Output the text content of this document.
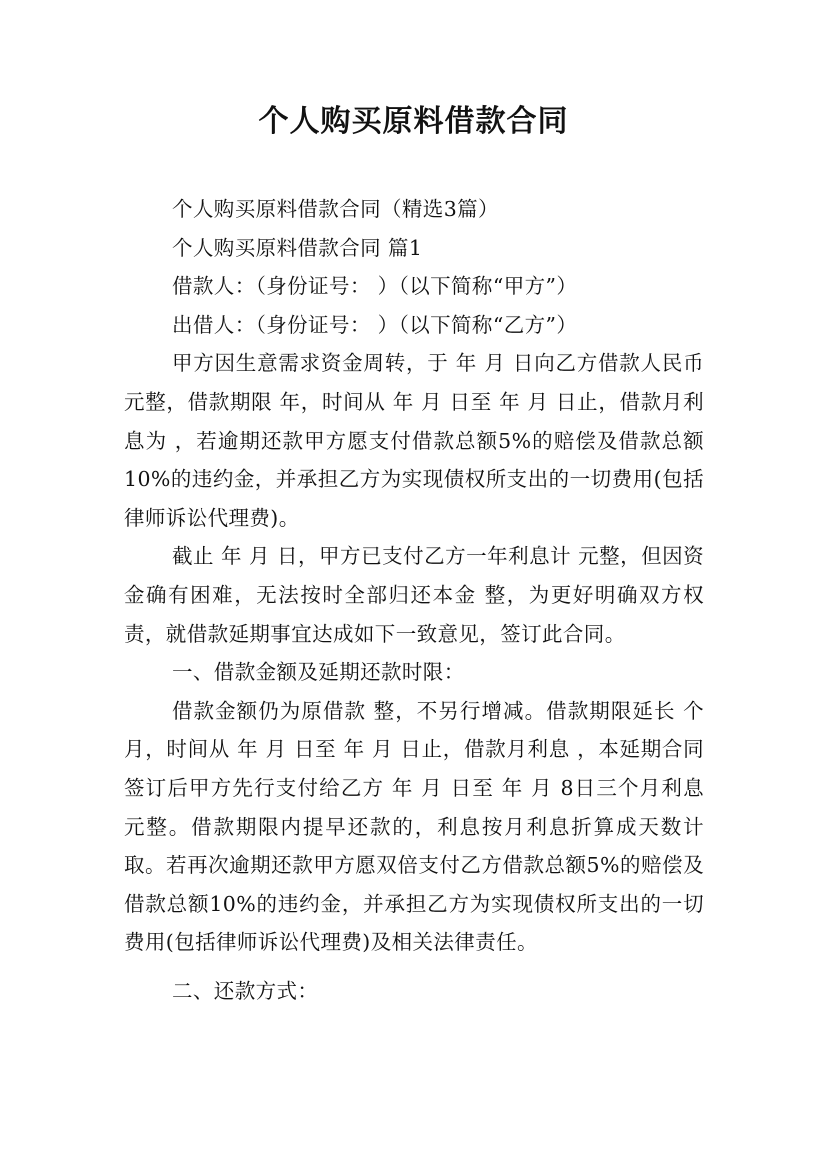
个人购买原料借款合同

个人购买原料借款合同（精选3篇）

个人购买原料借款合同 篇1

借款人：（身份证号： ）（以下简称“甲方”）

出借人：（身份证号： ）（以下简称“乙方”）

甲方因生意需求资金周转，于 年 月 日向乙方借款人民币 元整，借款期限 年，时间从 年 月 日至 年 月 日止，借款月利息为 ，若逾期还款甲方愿支付借款总额5%的赔偿及借款总额10%的违约金，并承担乙方为实现债权所支出的一切费用(包括律师诉讼代理费)。

截止 年 月 日，甲方已支付乙方一年利息计 元整，但因资金确有困难，无法按时全部归还本金 整，为更好明确双方权责，就借款延期事宜达成如下一致意见，签订此合同。

一、借款金额及延期还款时限：

借款金额仍为原借款 整，不另行增减。借款期限延长 个月，时间从 年 月 日至 年 月 日止，借款月利息 ，本延期合同签订后甲方先行支付给乙方 年 月 日至 年 月 8日三个月利息 元整。借款期限内提早还款的，利息按月利息折算成天数计取。若再次逾期还款甲方愿双倍支付乙方借款总额5%的赔偿及借款总额10%的违约金，并承担乙方为实现债权所支出的一切费用(包括律师诉讼代理费)及相关法律责任。

二、还款方式：
